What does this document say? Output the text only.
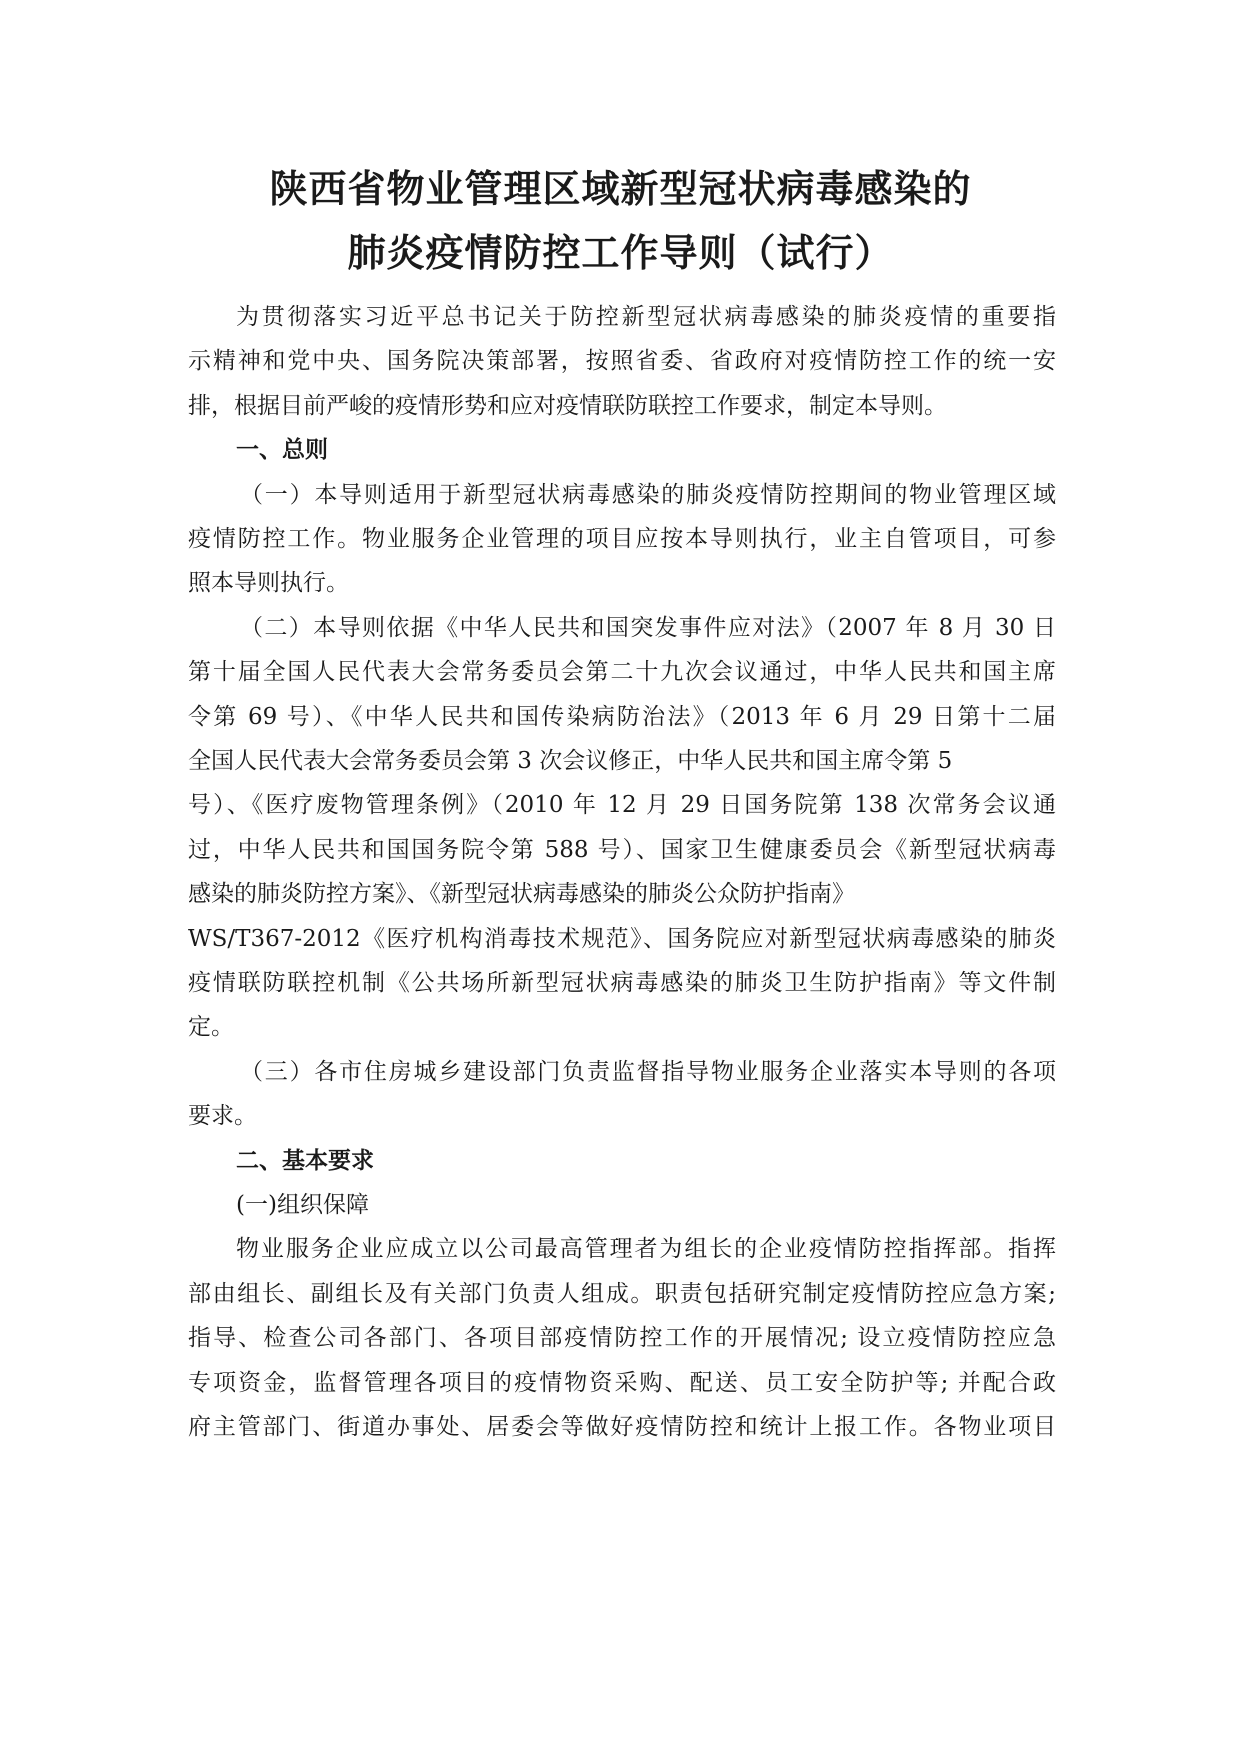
陕西省物业管理区域新型冠状病毒感染的
肺炎疫情防控工作导则（试行）
为贯彻落实习近平总书记关于防控新型冠状病毒感染的肺炎疫情的重要指
示精神和党中央、国务院决策部署，按照省委、省政府对疫情防控工作的统一安
排，根据目前严峻的疫情形势和应对疫情联防联控工作要求，制定本导则。
一、总则
（一）本导则适用于新型冠状病毒感染的肺炎疫情防控期间的物业管理区域
疫情防控工作。物业服务企业管理的项目应按本导则执行，业主自管项目，可参
照本导则执行。
（二）本导则依据《中华人民共和国突发事件应对法》（2007 年 8 月 30 日
第十届全国人民代表大会常务委员会第二十九次会议通过，中华人民共和国主席
令第 69 号）、《中华人民共和国传染病防治法》（2013 年 6 月 29 日第十二届
全国人民代表大会常务委员会第 3 次会议修正，中华人民共和国主席令第 5
号）、《医疗废物管理条例》（2010 年 12 月 29 日国务院第 138 次常务会议通
过，中华人民共和国国务院令第 588 号）、国家卫生健康委员会《新型冠状病毒
感染的肺炎防控方案》、《新型冠状病毒感染的肺炎公众防护指南》
WS/T367-2012《医疗机构消毒技术规范》、国务院应对新型冠状病毒感染的肺炎
疫情联防联控机制《公共场所新型冠状病毒感染的肺炎卫生防护指南》等文件制
定。
（三）各市住房城乡建设部门负责监督指导物业服务企业落实本导则的各项
要求。
二、基本要求
(一)组织保障
物业服务企业应成立以公司最高管理者为组长的企业疫情防控指挥部。指挥
部由组长、副组长及有关部门负责人组成。职责包括研究制定疫情防控应急方案;
指导、检查公司各部门、各项目部疫情防控工作的开展情况; 设立疫情防控应急
专项资金，监督管理各项目的疫情物资采购、配送、员工安全防护等; 并配合政
府主管部门、街道办事处、居委会等做好疫情防控和统计上报工作。各物业项目
